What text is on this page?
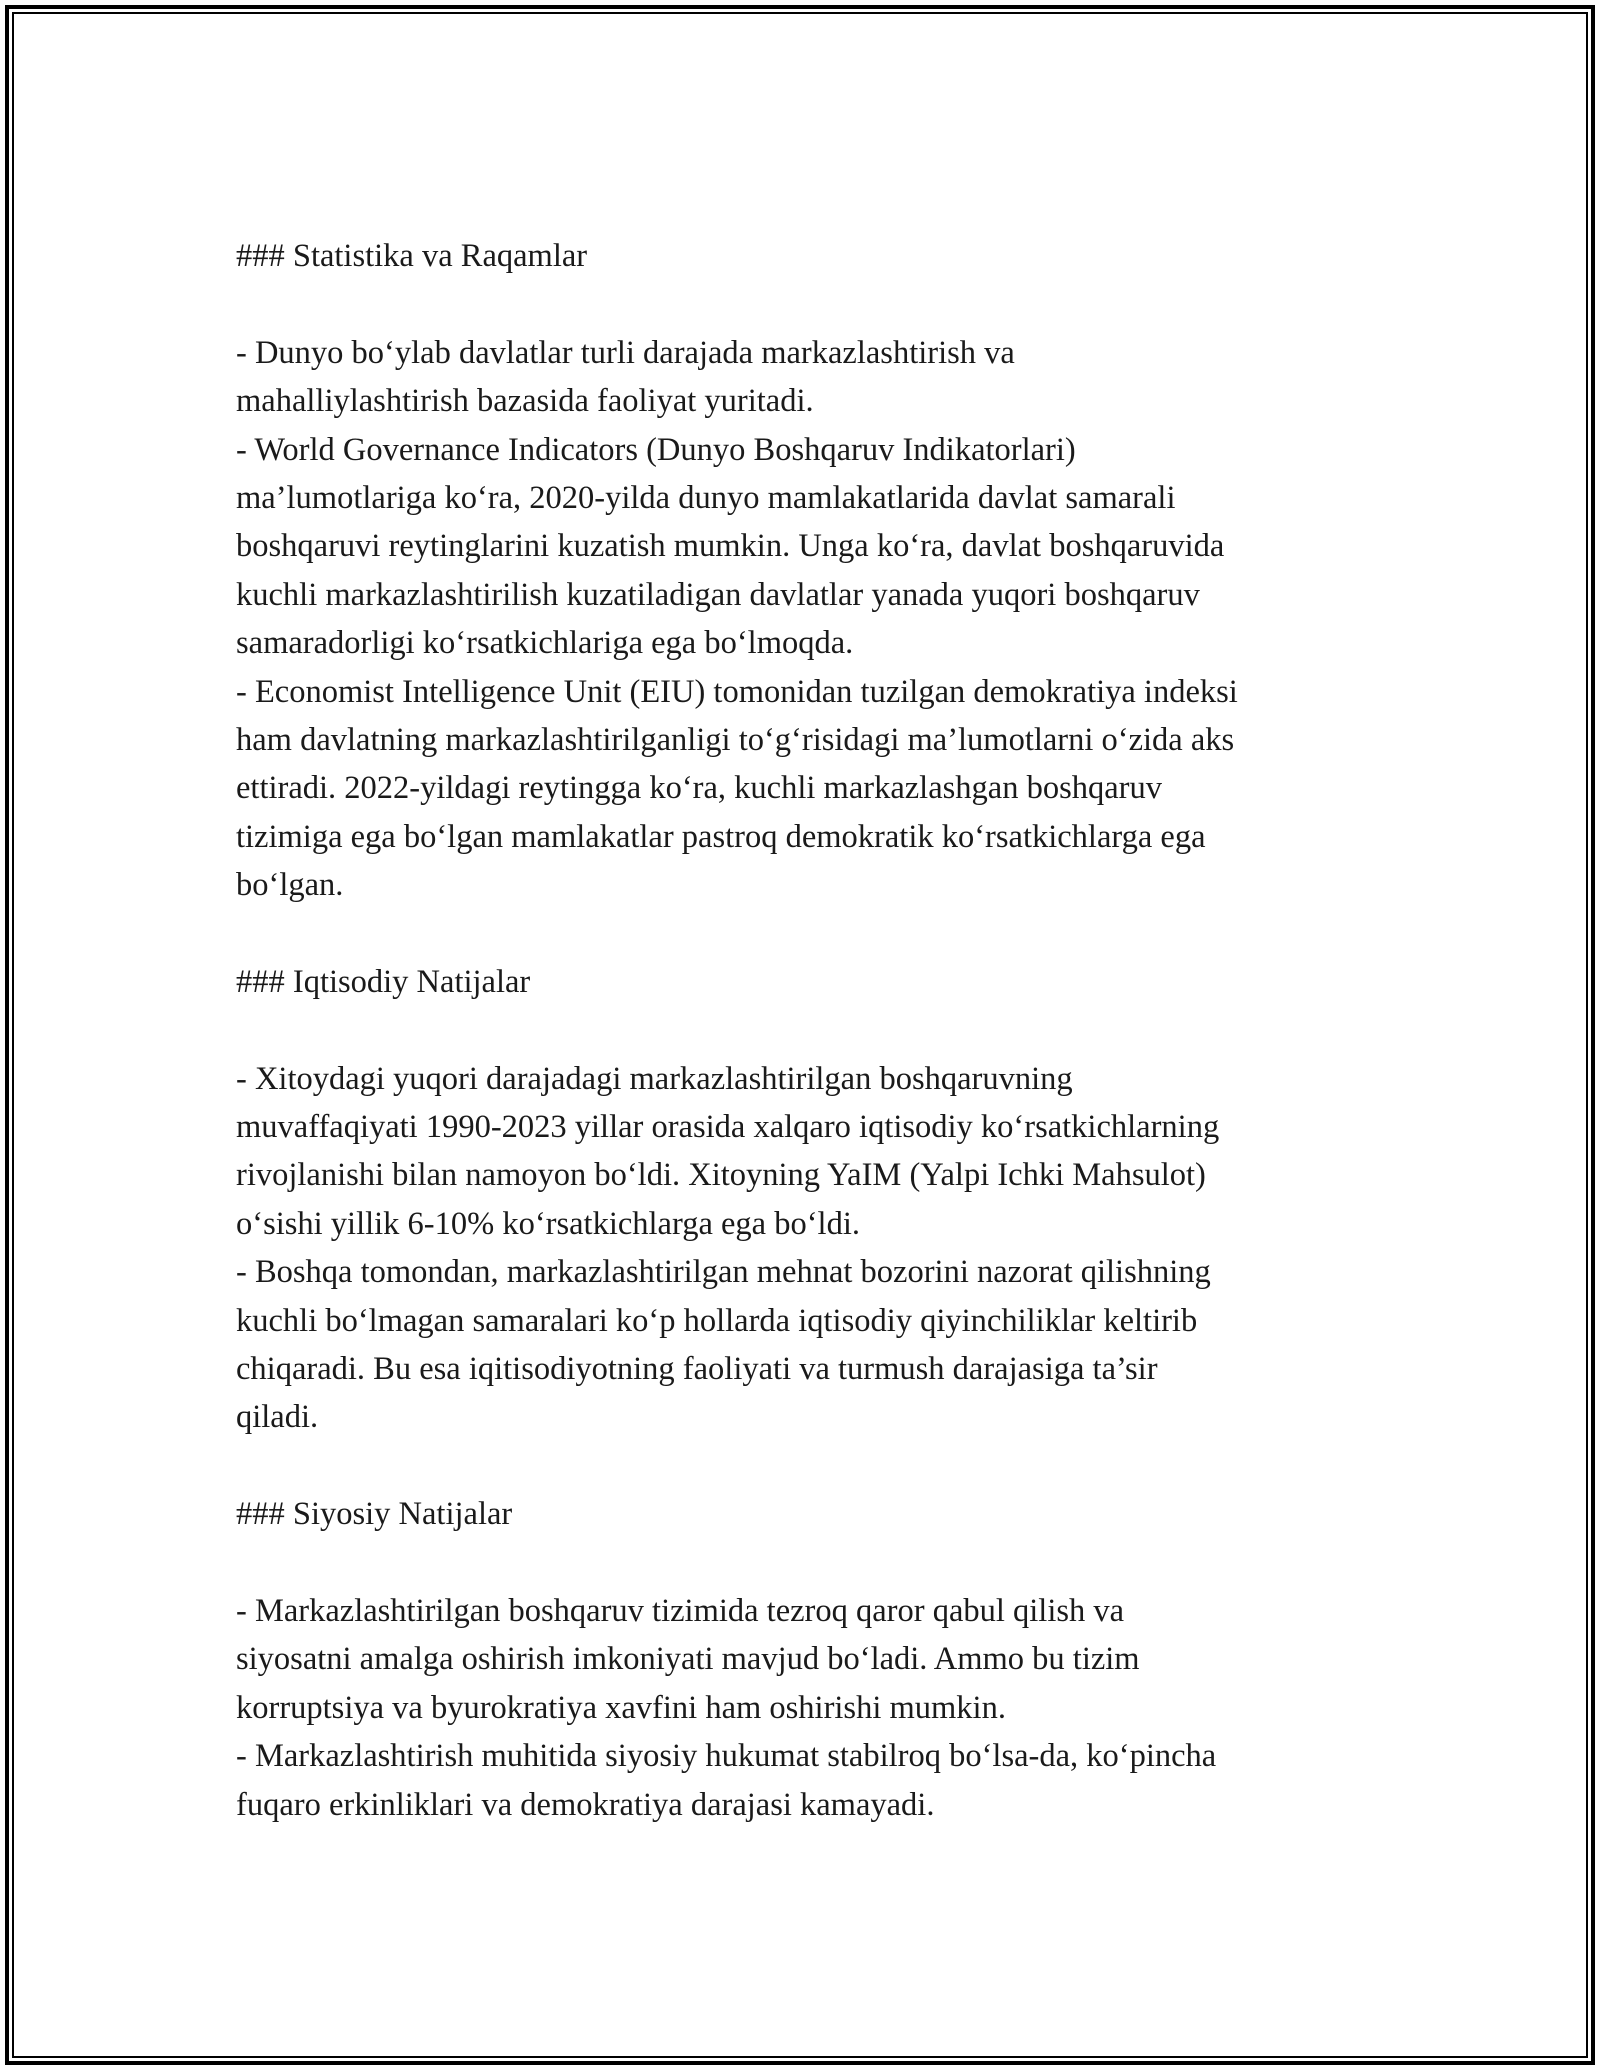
### Statistika va Raqamlar
- Dunyo bo‘ylab davlatlar turli darajada markazlashtirish va
mahalliylashtirish bazasida faoliyat yuritadi.
- World Governance Indicators (Dunyo Boshqaruv Indikatorlari)
ma’lumotlariga ko‘ra, 2020-yilda dunyo mamlakatlarida davlat samarali
boshqaruvi reytinglarini kuzatish mumkin. Unga ko‘ra, davlat boshqaruvida
kuchli markazlashtirilish kuzatiladigan davlatlar yanada yuqori boshqaruv
samaradorligi ko‘rsatkichlariga ega bo‘lmoqda.
- Economist Intelligence Unit (EIU) tomonidan tuzilgan demokratiya indeksi
ham davlatning markazlashtirilganligi to‘g‘risidagi ma’lumotlarni o‘zida aks
ettiradi. 2022-yildagi reytingga ko‘ra, kuchli markazlashgan boshqaruv
tizimiga ega bo‘lgan mamlakatlar pastroq demokratik ko‘rsatkichlarga ega
bo‘lgan.
### Iqtisodiy Natijalar
- Xitoydagi yuqori darajadagi markazlashtirilgan boshqaruvning
muvaffaqiyati 1990-2023 yillar orasida xalqaro iqtisodiy ko‘rsatkichlarning
rivojlanishi bilan namoyon bo‘ldi. Xitoyning YaIM (Yalpi Ichki Mahsulot)
o‘sishi yillik 6-10% ko‘rsatkichlarga ega bo‘ldi.
- Boshqa tomondan, markazlashtirilgan mehnat bozorini nazorat qilishning
kuchli bo‘lmagan samaralari ko‘p hollarda iqtisodiy qiyinchiliklar keltirib
chiqaradi. Bu esa iqitisodiyotning faoliyati va turmush darajasiga ta’sir
qiladi.
### Siyosiy Natijalar
- Markazlashtirilgan boshqaruv tizimida tezroq qaror qabul qilish va
siyosatni amalga oshirish imkoniyati mavjud bo‘ladi. Ammo bu tizim
korruptsiya va byurokratiya xavfini ham oshirishi mumkin.
- Markazlashtirish muhitida siyosiy hukumat stabilroq bo‘lsa-da, ko‘pincha
fuqaro erkinliklari va demokratiya darajasi kamayadi.
